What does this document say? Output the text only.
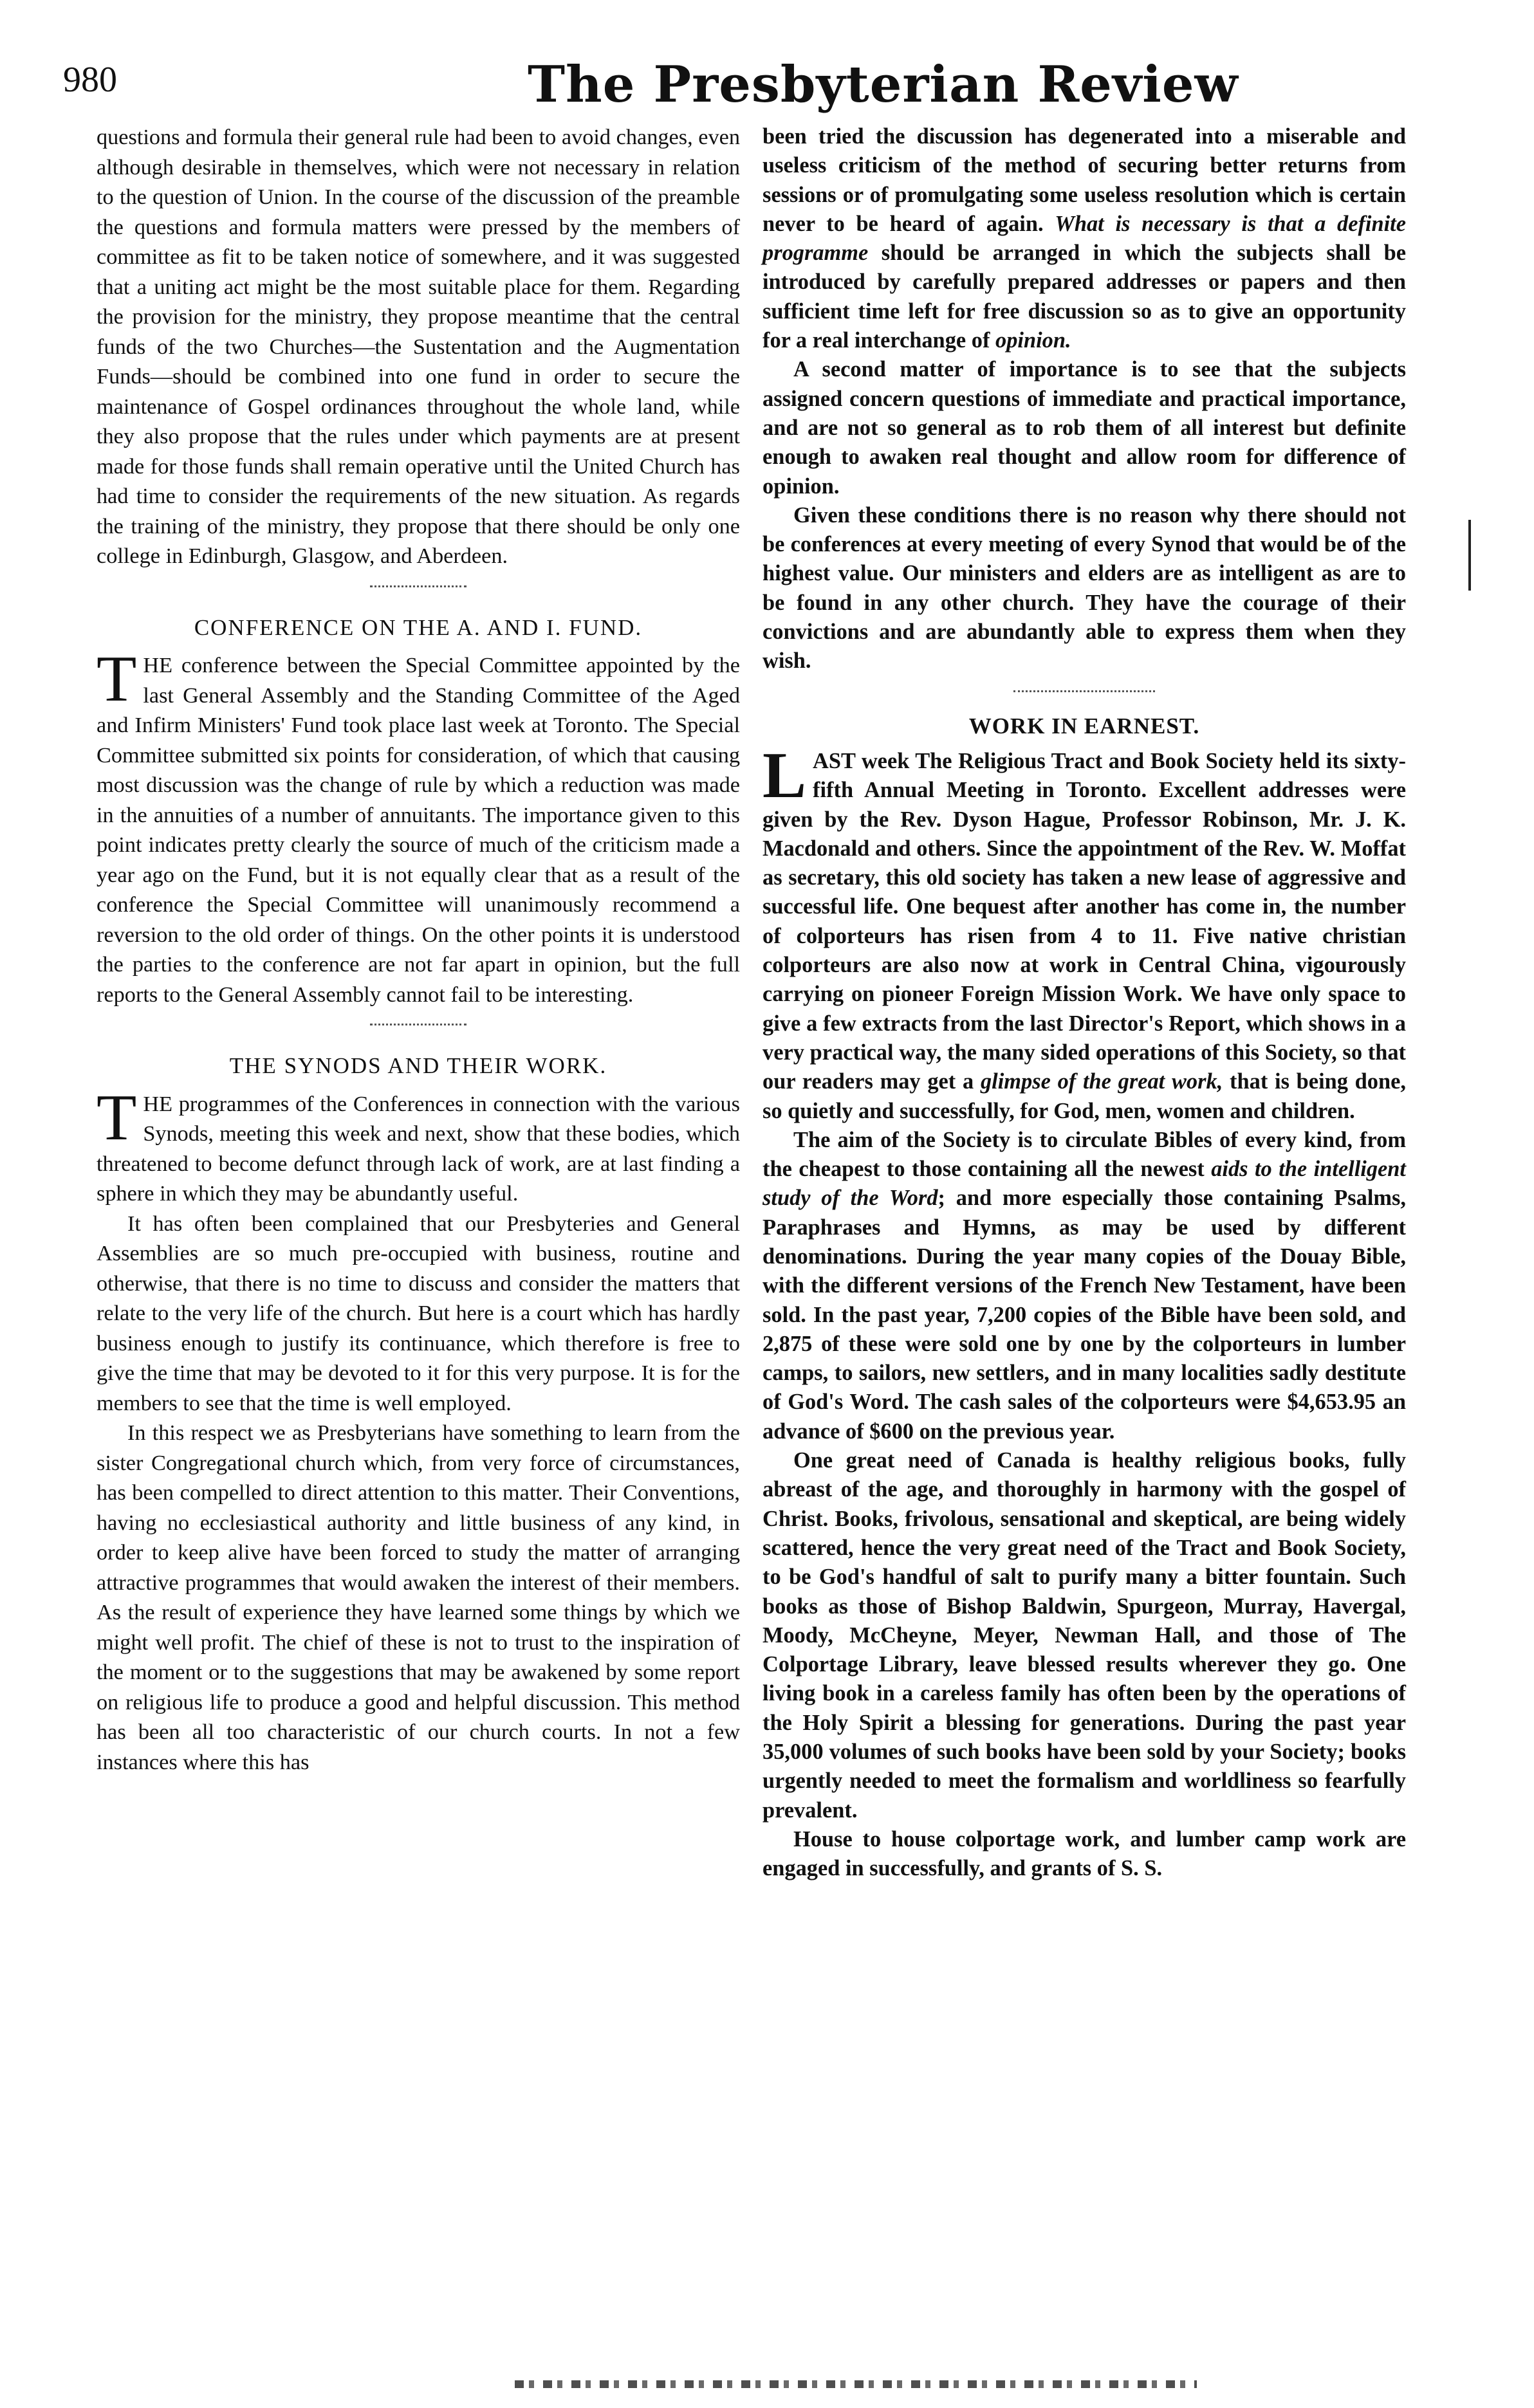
980	The Presbyterian Review

questions and formula their general rule had been to avoid changes, even although desirable in themselves, which were not necessary in relation to the question of Union. In the course of the discussion of the preamble the questions and formula matters were pressed by the members of committee as fit to be taken notice of somewhere, and it was suggested that a uniting act might be the most suitable place for them. Regarding the provision for the ministry, they propose meantime that the central funds of the two Churches—the Sustentation and the Augmentation Funds—should be combined into one fund in order to secure the maintenance of Gospel ordinances throughout the whole land, while they also propose that the rules under which payments are at present made for those funds shall remain operative until the United Church has had time to consider the requirements of the new situation. As regards the training of the ministry, they propose that there should be only one college in Edinburgh, Glasgow, and Aberdeen.

CONFERENCE ON THE A. AND I. FUND.

THE conference between the Special Committee appointed by the last General Assembly and the Standing Committee of the Aged and Infirm Ministers' Fund took place last week at Toronto. The Special Committee submitted six points for consideration, of which that causing most discussion was the change of rule by which a reduction was made in the annuities of a number of annuitants. The importance given to this point indicates pretty clearly the source of much of the criticism made a year ago on the Fund, but it is not equally clear that as a result of the conference the Special Committee will unanimously recommend a reversion to the old order of things. On the other points it is understood the parties to the conference are not far apart in opinion, but the full reports to the General Assembly cannot fail to be interesting.

THE SYNODS AND THEIR WORK.

THE programmes of the Conferences in connection with the various Synods, meeting this week and next, show that these bodies, which threatened to become defunct through lack of work, are at last finding a sphere in which they may be abundantly useful.

It has often been complained that our Presbyteries and General Assemblies are so much pre-occupied with business, routine and otherwise, that there is no time to discuss and consider the matters that relate to the very life of the church. But here is a court which has hardly business enough to justify its continuance, which therefore is free to give the time that may be devoted to it for this very purpose. It is for the members to see that the time is well employed.

In this respect we as Presbyterians have something to learn from the sister Congregational church which, from very force of circumstances, has been compelled to direct attention to this matter. Their Conventions, having no ecclesiastical authority and little business of any kind, in order to keep alive have been forced to study the matter of arranging attractive programmes that would awaken the interest of their members. As the result of experience they have learned some things by which we might well profit. The chief of these is not to trust to the inspiration of the moment or to the suggestions that may be awakened by some report on religious life to produce a good and helpful discussion. This method has been all too characteristic of our church courts. In not a few instances where this has

been tried the discussion has degenerated into a miserable and useless criticism of the method of securing better returns from sessions or of promulgating some useless resolution which is certain never to be heard of again. What is necessary is that a definite programme should be arranged in which the subjects shall be introduced by carefully prepared addresses or papers and then sufficient time left for free discussion so as to give an opportunity for a real interchange of opinion.

A second matter of importance is to see that the subjects assigned concern questions of immediate and practical importance, and are not so general as to rob them of all interest but definite enough to awaken real thought and allow room for difference of opinion.

Given these conditions there is no reason why there should not be conferences at every meeting of every Synod that would be of the highest value. Our ministers and elders are as intelligent as are to be found in any other church. They have the courage of their convictions and are abundantly able to express them when they wish.

WORK IN EARNEST.

LAST week The Religious Tract and Book Society held its sixty-fifth Annual Meeting in Toronto. Excellent addresses were given by the Rev. Dyson Hague, Professor Robinson, Mr. J. K. Macdonald and others. Since the appointment of the Rev. W. Moffat as secretary, this old society has taken a new lease of aggressive and successful life. One bequest after another has come in, the number of colporteurs has risen from 4 to 11. Five native christian colporteurs are also now at work in Central China, vigourously carrying on pioneer Foreign Mission Work. We have only space to give a few extracts from the last Director's Report, which shows in a very practical way, the many sided operations of this Society, so that our readers may get a glimpse of the great work, that is being done, so quietly and successfully, for God, men, women and children.

The aim of the Society is to circulate Bibles of every kind, from the cheapest to those containing all the newest aids to the intelligent study of the Word; and more especially those containing Psalms, Paraphrases and Hymns, as may be used by different denominations. During the year many copies of the Douay Bible, with the different versions of the French New Testament, have been sold. In the past year, 7,200 copies of the Bible have been sold, and 2,875 of these were sold one by one by the colporteurs in lumber camps, to sailors, new settlers, and in many localities sadly destitute of God's Word. The cash sales of the colporteurs were $4,653.95 an advance of $600 on the previous year.

One great need of Canada is healthy religious books, fully abreast of the age, and thoroughly in harmony with the gospel of Christ. Books, frivolous, sensational and skeptical, are being widely scattered, hence the very great need of the Tract and Book Society, to be God's handful of salt to purify many a bitter fountain. Such books as those of Bishop Baldwin, Spurgeon, Murray, Havergal, Moody, McCheyne, Meyer, Newman Hall, and those of The Colportage Library, leave blessed results wherever they go. One living book in a careless family has often been by the operations of the Holy Spirit a blessing for generations. During the past year 35,000 volumes of such books have been sold by your Society; books urgently needed to meet the formalism and worldliness so fearfully prevalent.

House to house colportage work, and lumber camp work are engaged in successfully, and grants of S. S.
